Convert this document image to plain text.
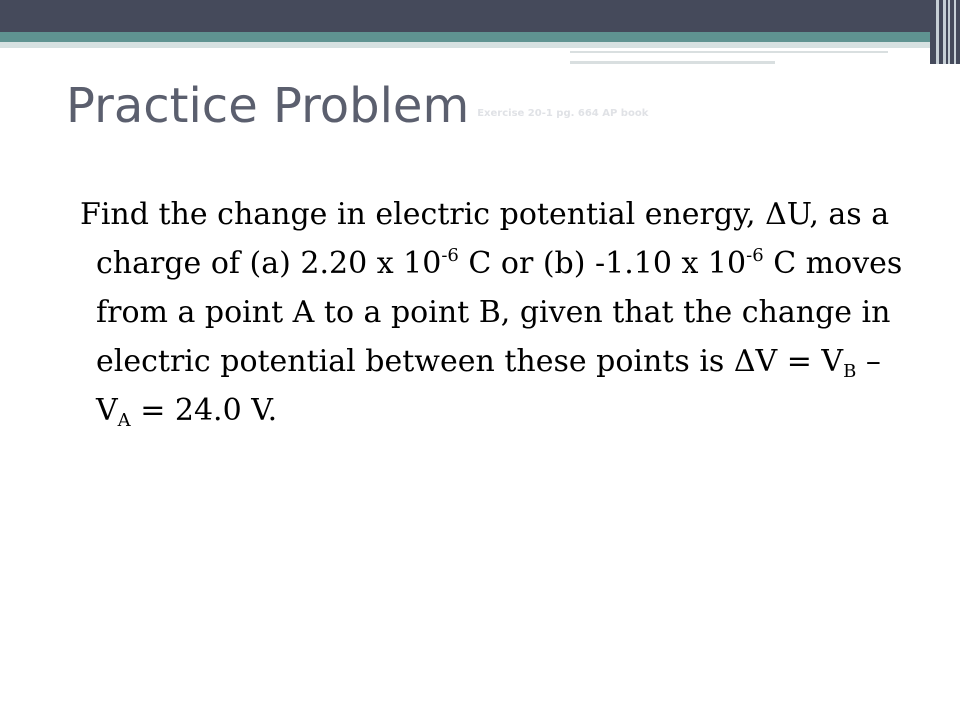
Practice Problem Exercise 20-1 pg. 664 AP book
Find the change in electric potential energy, ΔU, as a charge of (a) 2.20 x $10^{-6}$ C or (b) -1.10 x $10^{-6}$ C moves from a point A to a point B, given that the change in electric potential between these points is $\Delta V = V_B - V_A = 24.0$ V.
